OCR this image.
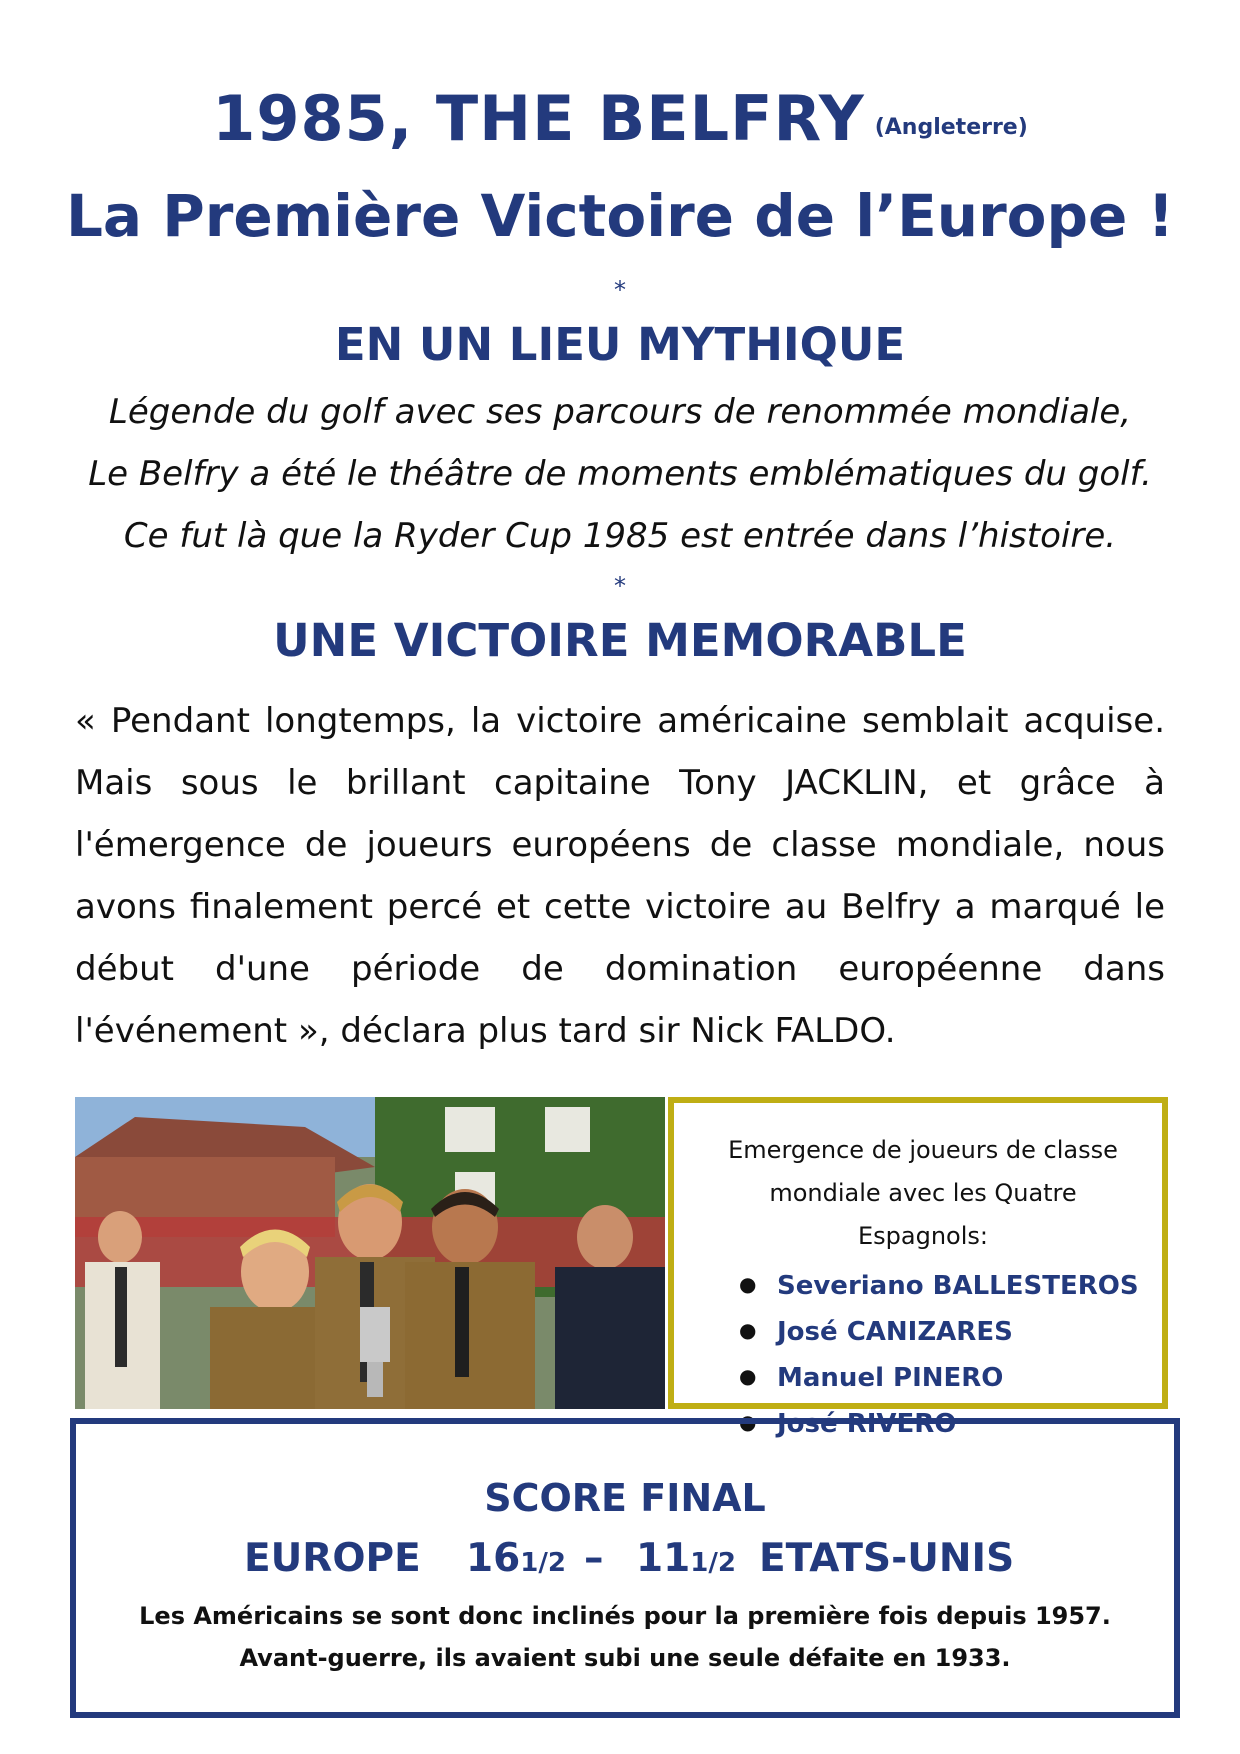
1985, THE BELFRY (Angleterre)
La Première Victoire de l’Europe !
*
EN UN LIEU MYTHIQUE
Légende du golf avec ses parcours de renommée mondiale,
Le Belfry a été le théâtre de moments emblématiques du golf.
Ce fut là que la Ryder Cup 1985 est entrée dans l’histoire.
*
UNE VICTOIRE MEMORABLE
« Pendant longtemps, la victoire américaine semblait acquise. Mais sous le brillant capitaine Tony JACKLIN, et grâce à l'émergence de joueurs européens de classe mondiale, nous avons finalement percé et cette victoire au Belfry a marqué le début d'une période de domination européenne dans l'événement », déclara plus tard sir Nick FALDO.
Emergence de joueurs de classe
mondiale avec les Quatre Espagnols:
● Severiano BALLESTEROS
● José CANIZARES
● Manuel PINERO
● José RIVERO
SCORE FINAL
EUROPE 161/2 – 111/2 ETATS-UNIS
Les Américains se sont donc inclinés pour la première fois depuis 1957.
Avant-guerre, ils avaient subi une seule défaite en 1933.
